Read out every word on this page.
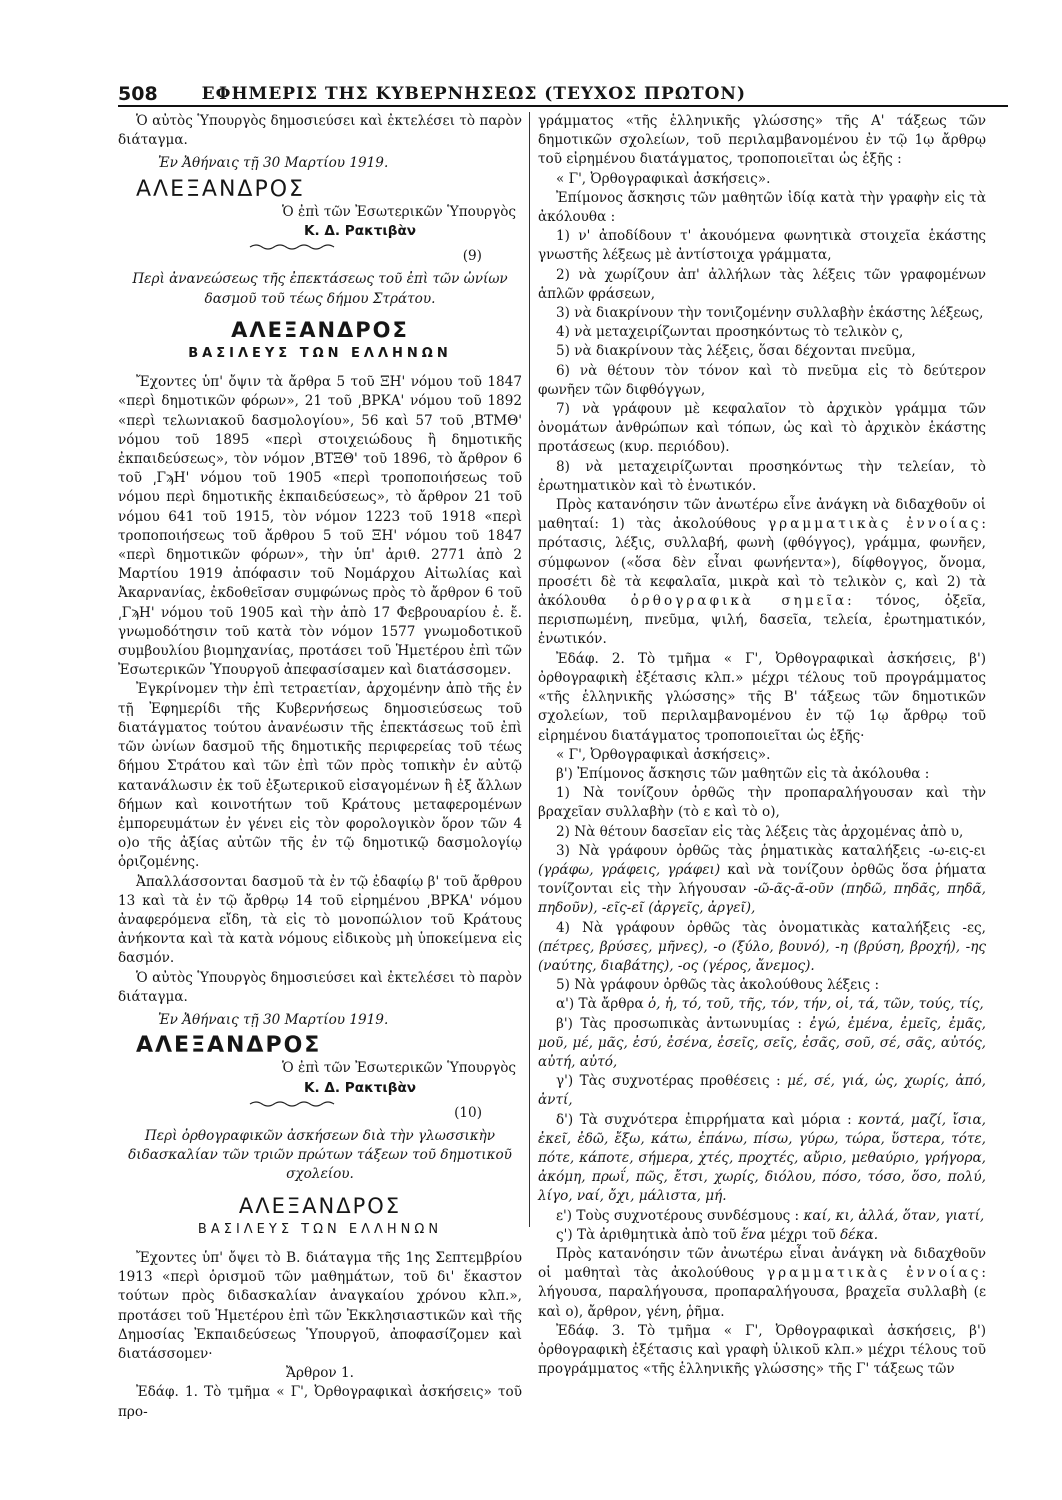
508	ΕΦΗΜΕΡΙΣ ΤΗΣ ΚΥΒΕΡΝΗΣΕΩΣ (ΤΕΥΧΟΣ ΠΡΩΤΟΝ)

Ὁ αὐτὸς Ὑπουργὸς δημοσιεύσει καὶ ἐκτελέσει τὸ παρὸν διάταγμα.

Ἐν Ἀθήναις τῇ 30 Μαρτίου 1919.

ΑΛΕΞΑΝΔΡΟΣ

Ὁ ἐπὶ τῶν Ἐσωτερικῶν Ὑπουργὸς

Κ. Δ. Ρακτιβὰν

(9)

Περὶ ἀνανεώσεως τῆς ἐπεκτάσεως τοῦ ἐπὶ τῶν ὠνίων δασμοῦ τοῦ τέως δήμου Στράτου.

ΑΛΕΞΑΝΔΡΟΣ
ΒΑΣΙΛΕΥΣ ΤΩΝ ΕΛΛΗΝΩΝ

Ἔχοντες ὑπ' ὄψιν τὰ ἄρθρα 5 τοῦ ΞΗ' νόμου τοῦ 1847 «περὶ δημοτικῶν φόρων», 21 τοῦ ͵ΒΡΚΑ' νόμου τοῦ 1892 «περὶ τελωνιακοῦ δασμολογίου», 56 καὶ 57 τοῦ ͵ΒΤΜΘ' νόμου τοῦ 1895 «περὶ στοιχειώδους ἢ δημοτικῆς ἐκπαιδεύσεως», τὸν νόμον ͵ΒΤΞΘ' τοῦ 1896, τὸ ἄρθρον 6 τοῦ ͵ΓϡΗ' νόμου τοῦ 1905 «περὶ τροποποιήσεως τοῦ νόμου περὶ δημοτικῆς ἐκπαιδεύσεως», τὸ ἄρθρον 21 τοῦ νόμου 641 τοῦ 1915, τὸν νόμον 1223 τοῦ 1918 «περὶ τροποποιήσεως τοῦ ἄρθρου 5 τοῦ ΞΗ' νόμου τοῦ 1847 «περὶ δημοτικῶν φόρων», τὴν ὑπ' ἀριθ. 2771 ἀπὸ 2 Μαρτίου 1919 ἀπόφασιν τοῦ Νομάρχου Αἰτωλίας καὶ Ἀκαρνανίας, ἐκδοθεῖσαν συμφώνως πρὸς τὸ ἄρθρον 6 τοῦ ͵ΓϡΗ' νόμου τοῦ 1905 καὶ τὴν ἀπὸ 17 Φεβρουαρίου ἐ. ἔ. γνωμοδότησιν τοῦ κατὰ τὸν νόμον 1577 γνωμοδοτικοῦ συμβουλίου βιομηχανίας, προτάσει τοῦ Ἡμετέρου ἐπὶ τῶν Ἐσωτερικῶν Ὑπουργοῦ ἀπεφασίσαμεν καὶ διατάσσομεν.

Ἐγκρίνομεν τὴν ἐπὶ τετραετίαν, ἀρχομένην ἀπὸ τῆς ἐν τῇ Ἐφημερίδι τῆς Κυβερνήσεως δημοσιεύσεως τοῦ διατάγματος τούτου ἀνανέωσιν τῆς ἐπεκτάσεως τοῦ ἐπὶ τῶν ὠνίων δασμοῦ τῆς δημοτικῆς περιφερείας τοῦ τέως δήμου Στράτου καὶ τῶν ἐπὶ τῶν πρὸς τοπικὴν ἐν αὐτῷ κατανάλωσιν ἐκ τοῦ ἐξωτερικοῦ εἰσαγομένων ἢ ἐξ ἄλλων δήμων καὶ κοινοτήτων τοῦ Κράτους μεταφερομένων ἐμπορευμάτων ἐν γένει εἰς τὸν φορολογικὸν ὅρον τῶν 4 ο)ο τῆς ἀξίας αὐτῶν τῆς ἐν τῷ δημοτικῷ δασμολογίῳ ὁριζομένης.

Ἀπαλλάσσονται δασμοῦ τὰ ἐν τῷ ἐδαφίῳ β' τοῦ ἄρθρου 13 καὶ τὰ ἐν τῷ ἄρθρῳ 14 τοῦ εἰρημένου ͵ΒΡΚΑ' νόμου ἀναφερόμενα εἴδη, τὰ εἰς τὸ μονοπώλιον τοῦ Κράτους ἀνήκοντα καὶ τὰ κατὰ νόμους εἰδικοὺς μὴ ὑποκείμενα εἰς δασμόν.

Ὁ αὐτὸς Ὑπουργὸς δημοσιεύσει καὶ ἐκτελέσει τὸ παρὸν διάταγμα.

Ἐν Ἀθήναις τῇ 30 Μαρτίου 1919.

ΑΛΕΞΑΝΔΡΟΣ

Ὁ ἐπὶ τῶν Ἐσωτερικῶν Ὑπουργὸς

Κ. Δ. Ρακτιβὰν

(10)

Περὶ ὀρθογραφικῶν ἀσκήσεων διὰ τὴν γλωσσικὴν διδασκαλίαν τῶν τριῶν πρώτων τάξεων τοῦ δημοτικοῦ σχολείου.

ΑΛΕΞΑΝΔΡΟΣ
ΒΑΣΙΛΕΥΣ ΤΩΝ ΕΛΛΗΝΩΝ

Ἔχοντες ὑπ' ὄψει τὸ Β. διάταγμα τῆς 1ης Σεπτεμβρίου 1913 «περὶ ὁρισμοῦ τῶν μαθημάτων, τοῦ δι' ἕκαστον τούτων πρὸς διδασκαλίαν ἀναγκαίου χρόνου κλπ.», προτάσει τοῦ Ἡμετέρου ἐπὶ τῶν Ἐκκλησιαστικῶν καὶ τῆς Δημοσίας Ἐκπαιδεύσεως Ὑπουργοῦ, ἀποφασίζομεν καὶ διατάσσομεν·

Ἄρθρον 1.

Ἐδάφ. 1. Τὸ τμῆμα « Γ', Ὀρθογραφικαὶ ἀσκήσεις» τοῦ προ-

γράμματος «τῆς ἑλληνικῆς γλώσσης» τῆς Α' τάξεως τῶν δημοτικῶν σχολείων, τοῦ περιλαμβανομένου ἐν τῷ 1ῳ ἄρθρῳ τοῦ εἰρημένου διατάγματος, τροποποιεῖται ὡς ἑξῆς :

« Γ', Ὀρθογραφικαὶ ἀσκήσεις».

Ἐπίμονος ἄσκησις τῶν μαθητῶν ἰδίᾳ κατὰ τὴν γραφὴν εἰς τὰ ἀκόλουθα :

1) ν' ἀποδίδουν τ' ἀκουόμενα φωνητικὰ στοιχεῖα ἑκάστης γνωστῆς λέξεως μὲ ἀντίστοιχα γράμματα,

2) νὰ χωρίζουν ἀπ' ἀλλήλων τὰς λέξεις τῶν γραφομένων ἁπλῶν φράσεων,

3) νὰ διακρίνουν τὴν τονιζομένην συλλαβὴν ἑκάστης λέξεως,

4) νὰ μεταχειρίζωνται προσηκόντως τὸ τελικὸν ς,

5) νὰ διακρίνουν τὰς λέξεις, ὅσαι δέχονται πνεῦμα,

6) νὰ θέτουν τὸν τόνον καὶ τὸ πνεῦμα εἰς τὸ δεύτερον φωνῆεν τῶν διφθόγγων,

7) νὰ γράφουν μὲ κεφαλαῖον τὸ ἀρχικὸν γράμμα τῶν ὀνομάτων ἀνθρώπων καὶ τόπων, ὡς καὶ τὸ ἀρχικὸν ἑκάστης προτάσεως (κυρ. περιόδου).

8) νὰ μεταχειρίζωνται προσηκόντως τὴν τελείαν, τὸ ἐρωτηματικὸν καὶ τὸ ἑνωτικόν.

Πρὸς κατανόησιν τῶν ἀνωτέρω εἶνε ἀνάγκη νὰ διδαχθοῦν οἱ μαθηταί: 1) τὰς ἀκολούθους γραμματικὰς ἐννοίας: πρότασις, λέξις, συλλαβή, φωνὴ (φθόγγος), γράμμα, φωνῆεν, σύμφωνον («ὅσα δὲν εἶναι φωνήεντα»), δίφθογγος, ὄνομα, προσέτι δὲ τὰ κεφαλαῖα, μικρὰ καὶ τὸ τελικὸν ς, καὶ 2) τὰ ἀκόλουθα ὀρθογραφικὰ σημεῖα: τόνος, ὀξεῖα, περισπωμένη, πνεῦμα, ψιλή, δασεῖα, τελεία, ἐρωτηματικόν, ἑνωτικόν.

Ἐδάφ. 2. Τὸ τμῆμα « Γ', Ὀρθογραφικαὶ ἀσκήσεις, β') ὀρθογραφικὴ ἐξέτασις κλπ.» μέχρι τέλους τοῦ προγράμματος «τῆς ἑλληνικῆς γλώσσης» τῆς Β' τάξεως τῶν δημοτικῶν σχολείων, τοῦ περιλαμβανομένου ἐν τῷ 1ῳ ἄρθρῳ τοῦ εἰρημένου διατάγματος τροποποιεῖται ὡς ἑξῆς·

« Γ', Ὀρθογραφικαὶ ἀσκήσεις».

β') Ἐπίμονος ἄσκησις τῶν μαθητῶν εἰς τὰ ἀκόλουθα :

1) Νὰ τονίζουν ὀρθῶς τὴν προπαραλήγουσαν καὶ τὴν βραχεῖαν συλλαβὴν (τὸ ε καὶ τὸ ο),

2) Νὰ θέτουν δασεῖαν εἰς τὰς λέξεις τὰς ἀρχομένας ἀπὸ υ,

3) Νὰ γράφουν ὀρθῶς τὰς ῥηματικὰς καταλήξεις -ω-εις-ει (γράφω, γράφεις, γράφει) καὶ νὰ τονίζουν ὀρθῶς ὅσα ῥήματα τονίζονται εἰς τὴν λήγουσαν -ῶ-ᾶς-ᾶ-οῦν (πηδῶ, πηδᾶς, πηδᾶ, πηδοῦν), -εῖς-εῖ (ἀργεῖς, ἀργεῖ),

4) Νὰ γράφουν ὀρθῶς τὰς ὀνοματικὰς καταλήξεις -ες, (πέτρες, βρύσες, μῆνες), -ο (ξύλο, βουνό), -η (βρύση, βροχή), -ης (ναύτης, διαβάτης), -ος (γέρος, ἄνεμος).

5) Νὰ γράφουν ὀρθῶς τὰς ἀκολούθους λέξεις :

α') Τὰ ἄρθρα ὁ, ἡ, τό, τοῦ, τῆς, τόν, τήν, οἱ, τά, τῶν, τούς, τίς,

β') Τὰς προσωπικὰς ἀντωνυμίας : ἐγώ, ἐμένα, ἐμεῖς, ἐμᾶς, μοῦ, μέ, μᾶς, ἐσύ, ἐσένα, ἐσεῖς, σεῖς, ἐσᾶς, σοῦ, σέ, σᾶς, αὐτός, αὐτή, αὐτό,

γ') Τὰς συχνοτέρας προθέσεις : μέ, σέ, γιά, ὡς, χωρίς, ἀπό, ἀντί,

δ') Τὰ συχνότερα ἐπιρρήματα καὶ μόρια : κοντά, μαζί, ἴσια, ἐκεῖ, ἐδῶ, ἔξω, κάτω, ἐπάνω, πίσω, γύρω, τώρα, ὕστερα, τότε, πότε, κάποτε, σήμερα, χτές, προχτές, αὔριο, μεθαύριο, γρήγορα, ἀκόμη, πρωΐ, πῶς, ἔτσι, χωρίς, διόλου, πόσο, τόσο, ὅσο, πολύ, λίγο, ναί, ὄχι, μάλιστα, μή.

ε') Τοὺς συχνοτέρους συνδέσμους : καί, κι, ἀλλά, ὅταν, γιατί,

ς') Τὰ ἀριθμητικὰ ἀπὸ τοῦ ἕνα μέχρι τοῦ δέκα.

Πρὸς κατανόησιν τῶν ἀνωτέρω εἶναι ἀνάγκη νὰ διδαχθοῦν οἱ μαθηταὶ τὰς ἀκολούθους γραμματικὰς ἐννοίας: λήγουσα, παραλήγουσα, προπαραλήγουσα, βραχεῖα συλλαβὴ (ε καὶ ο), ἄρθρον, γένη, ῥῆμα.

Ἐδάφ. 3. Τὸ τμῆμα « Γ', Ὀρθογραφικαὶ ἀσκήσεις, β') ὀρθογραφικὴ ἐξέτασις καὶ γραφὴ ὑλικοῦ κλπ.» μέχρι τέλους τοῦ προγράμματος «τῆς ἑλληνικῆς γλώσσης» τῆς Γ' τάξεως τῶν
